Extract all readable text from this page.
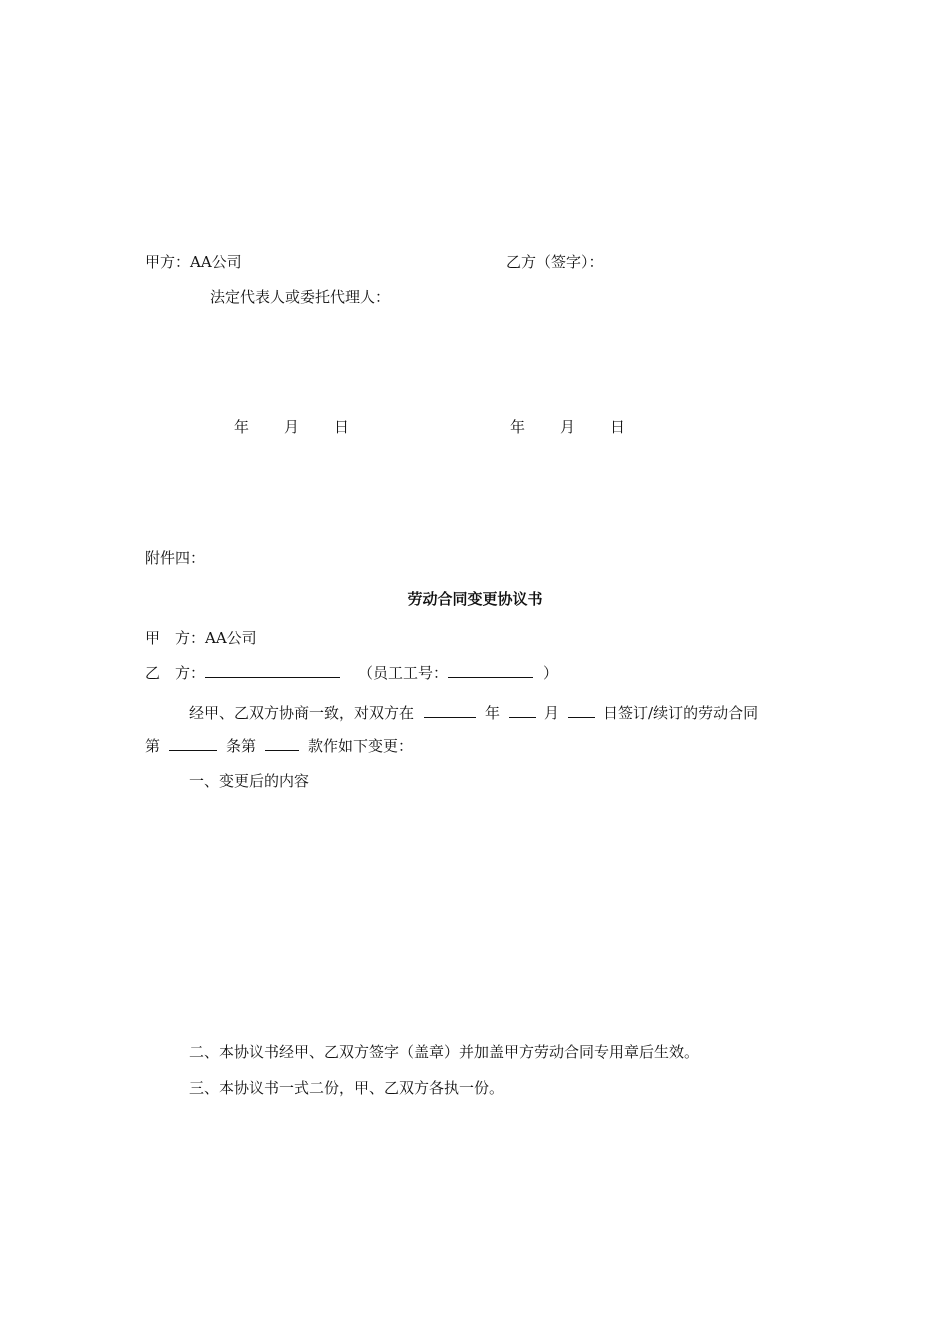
甲方：AA公司	乙方（签字）：
法定代表人或委托代理人：
年 月 日	年 月 日
附件四：
劳动合同变更协议书
甲　方：AA公司
乙　方：	（员工工号：	）
经甲、乙双方协商一致，对双方在	年	月	日签订/续订的劳动合同
第	条第	款作如下变更：
一、变更后的内容
二、本协议书经甲、乙双方签字（盖章）并加盖甲方劳动合同专用章后生效。
三、本协议书一式二份，甲、乙双方各执一份。
